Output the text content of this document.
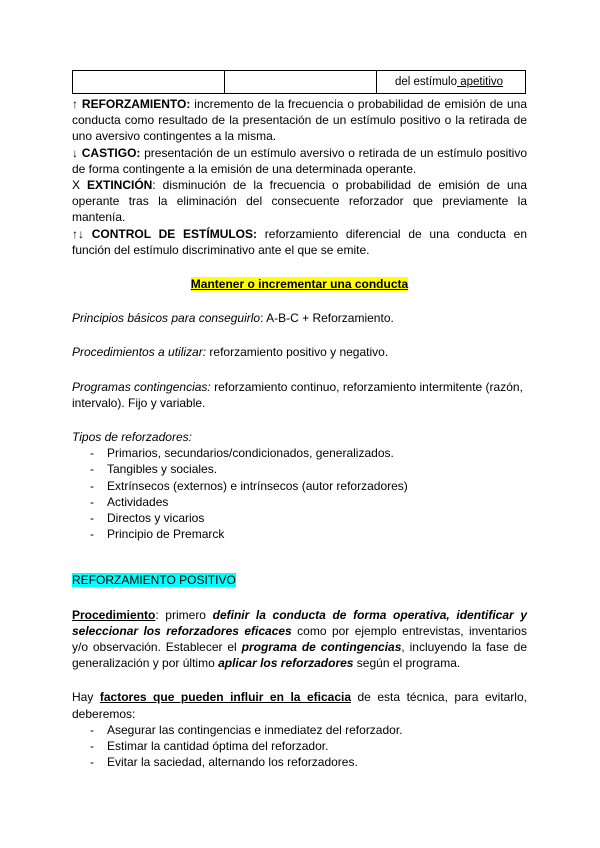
		del estímulo apetitivo

↑ REFORZAMIENTO: incremento de la frecuencia o probabilidad de emisión de una conducta como resultado de la presentación de un estímulo positivo o la retirada de uno aversivo contingentes a la misma.

↓ CASTIGO: presentación de un estímulo aversivo o retirada de un estímulo positivo de forma contingente a la emisión de una determinada operante.

X EXTINCIÓN: disminución de la frecuencia o probabilidad de emisión de una operante tras la eliminación del consecuente reforzador que previamente la mantenía.

↑↓ CONTROL DE ESTÍMULOS: reforzamiento diferencial de una conducta en función del estímulo discriminativo ante el que se emite.

Mantener o incrementar una conducta

Principios básicos para conseguirlo: A-B-C + Reforzamiento.

Procedimientos a utilizar: reforzamiento positivo y negativo.

Programas contingencias: reforzamiento continuo, reforzamiento intermitente (razón, intervalo). Fijo y variable.

Tipos de reforzadores:

- Primarios, secundarios/condicionados, generalizados.
- Tangibles y sociales.
- Extrínsecos (externos) e intrínsecos (autor reforzadores)
- Actividades
- Directos y vicarios
- Principio de Premarck

REFORZAMIENTO POSITIVO

Procedimiento: primero definir la conducta de forma operativa, identificar y seleccionar los reforzadores eficaces como por ejemplo entrevistas, inventarios y/o observación. Establecer el programa de contingencias, incluyendo la fase de generalización y por último aplicar los reforzadores según el programa.

Hay factores que pueden influir en la eficacia de esta técnica, para evitarlo, deberemos:

- Asegurar las contingencias e inmediatez del reforzador.
- Estimar la cantidad óptima del reforzador.
- Evitar la saciedad, alternando los reforzadores.
